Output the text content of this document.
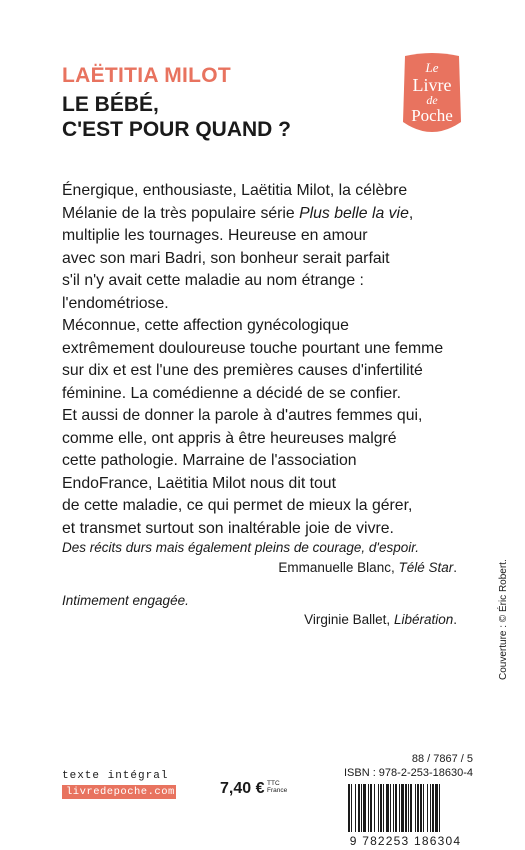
LAËTITIA MILOT
LE BÉBÉ,
C'EST POUR QUAND ?
Le
Livre
de
Poche

Énergique, enthousiaste, Laëtitia Milot, la célèbre

Mélanie de la très populaire série Plus belle la vie,

multiplie les tournages. Heureuse en amour

avec son mari Badri, son bonheur serait parfait

s'il n'y avait cette maladie au nom étrange :

l'endométriose.

Méconnue, cette affection gynécologique

extrêmement douloureuse touche pourtant une femme

sur dix et est l'une des premières causes d'infertilité

féminine. La comédienne a décidé de se confier.

Et aussi de donner la parole à d'autres femmes qui,

comme elle, ont appris à être heureuses malgré

cette pathologie. Marraine de l'association

EndoFrance, Laëtitia Milot nous dit tout

de cette maladie, ce qui permet de mieux la gérer,

et transmet surtout son inaltérable joie de vivre.

Des récits durs mais également pleins de courage, d'espoir.
Emmanuelle Blanc, Télé Star.
Intimement engagée.
Virginie Ballet, Libération.	Couverture : © Éric Robert.
88 / 7867 / 5
ISBN : 978-2-253-18630-4
texte intégral
livredepoche.com	7,40 € TTC
France
9 782253 186304
